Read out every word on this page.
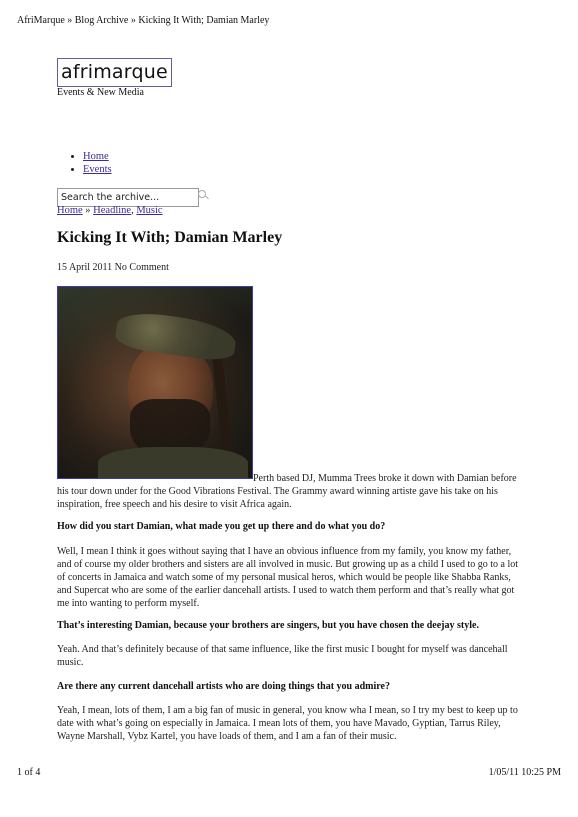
AfriMarque » Blog Archive » Kicking It With; Damian Marley
afrimarque
Events & New Media
• Home
• Events
Search the archive...
Home » Headline, Music
Kicking It With; Damian Marley
15 April 2011 No Comment
Perth based DJ, Mumma Trees broke it down with Damian before his tour down under for the Good Vibrations Festival. The Grammy award winning artiste gave his take on his inspiration, free speech and his desire to visit Africa again.
How did you start Damian, what made you get up there and do what you do?
Well, I mean I think it goes without saying that I have an obvious influence from my family, you know my father, and of course my older brothers and sisters are all involved in music. But growing up as a child I used to go to a lot of concerts in Jamaica and watch some of my personal musical heros, which would be people like Shabba Ranks, and Supercat who are some of the earlier dancehall artists. I used to watch them perform and that’s really what got me into wanting to perform myself.
That’s interesting Damian, because your brothers are singers, but you have chosen the deejay style.
Yeah. And that’s definitely because of that same influence, like the first music I bought for myself was dancehall music.
Are there any current dancehall artists who are doing things that you admire?
Yeah, I mean, lots of them, I am a big fan of music in general, you know wha I mean, so I try my best to keep up to date with what’s going on especially in Jamaica. I mean lots of them, you have Mavado, Gyptian, Tarrus Riley, Wayne Marshall, Vybz Kartel, you have loads of them, and I am a fan of their music.
1 of 4	1/05/11 10:25 PM
